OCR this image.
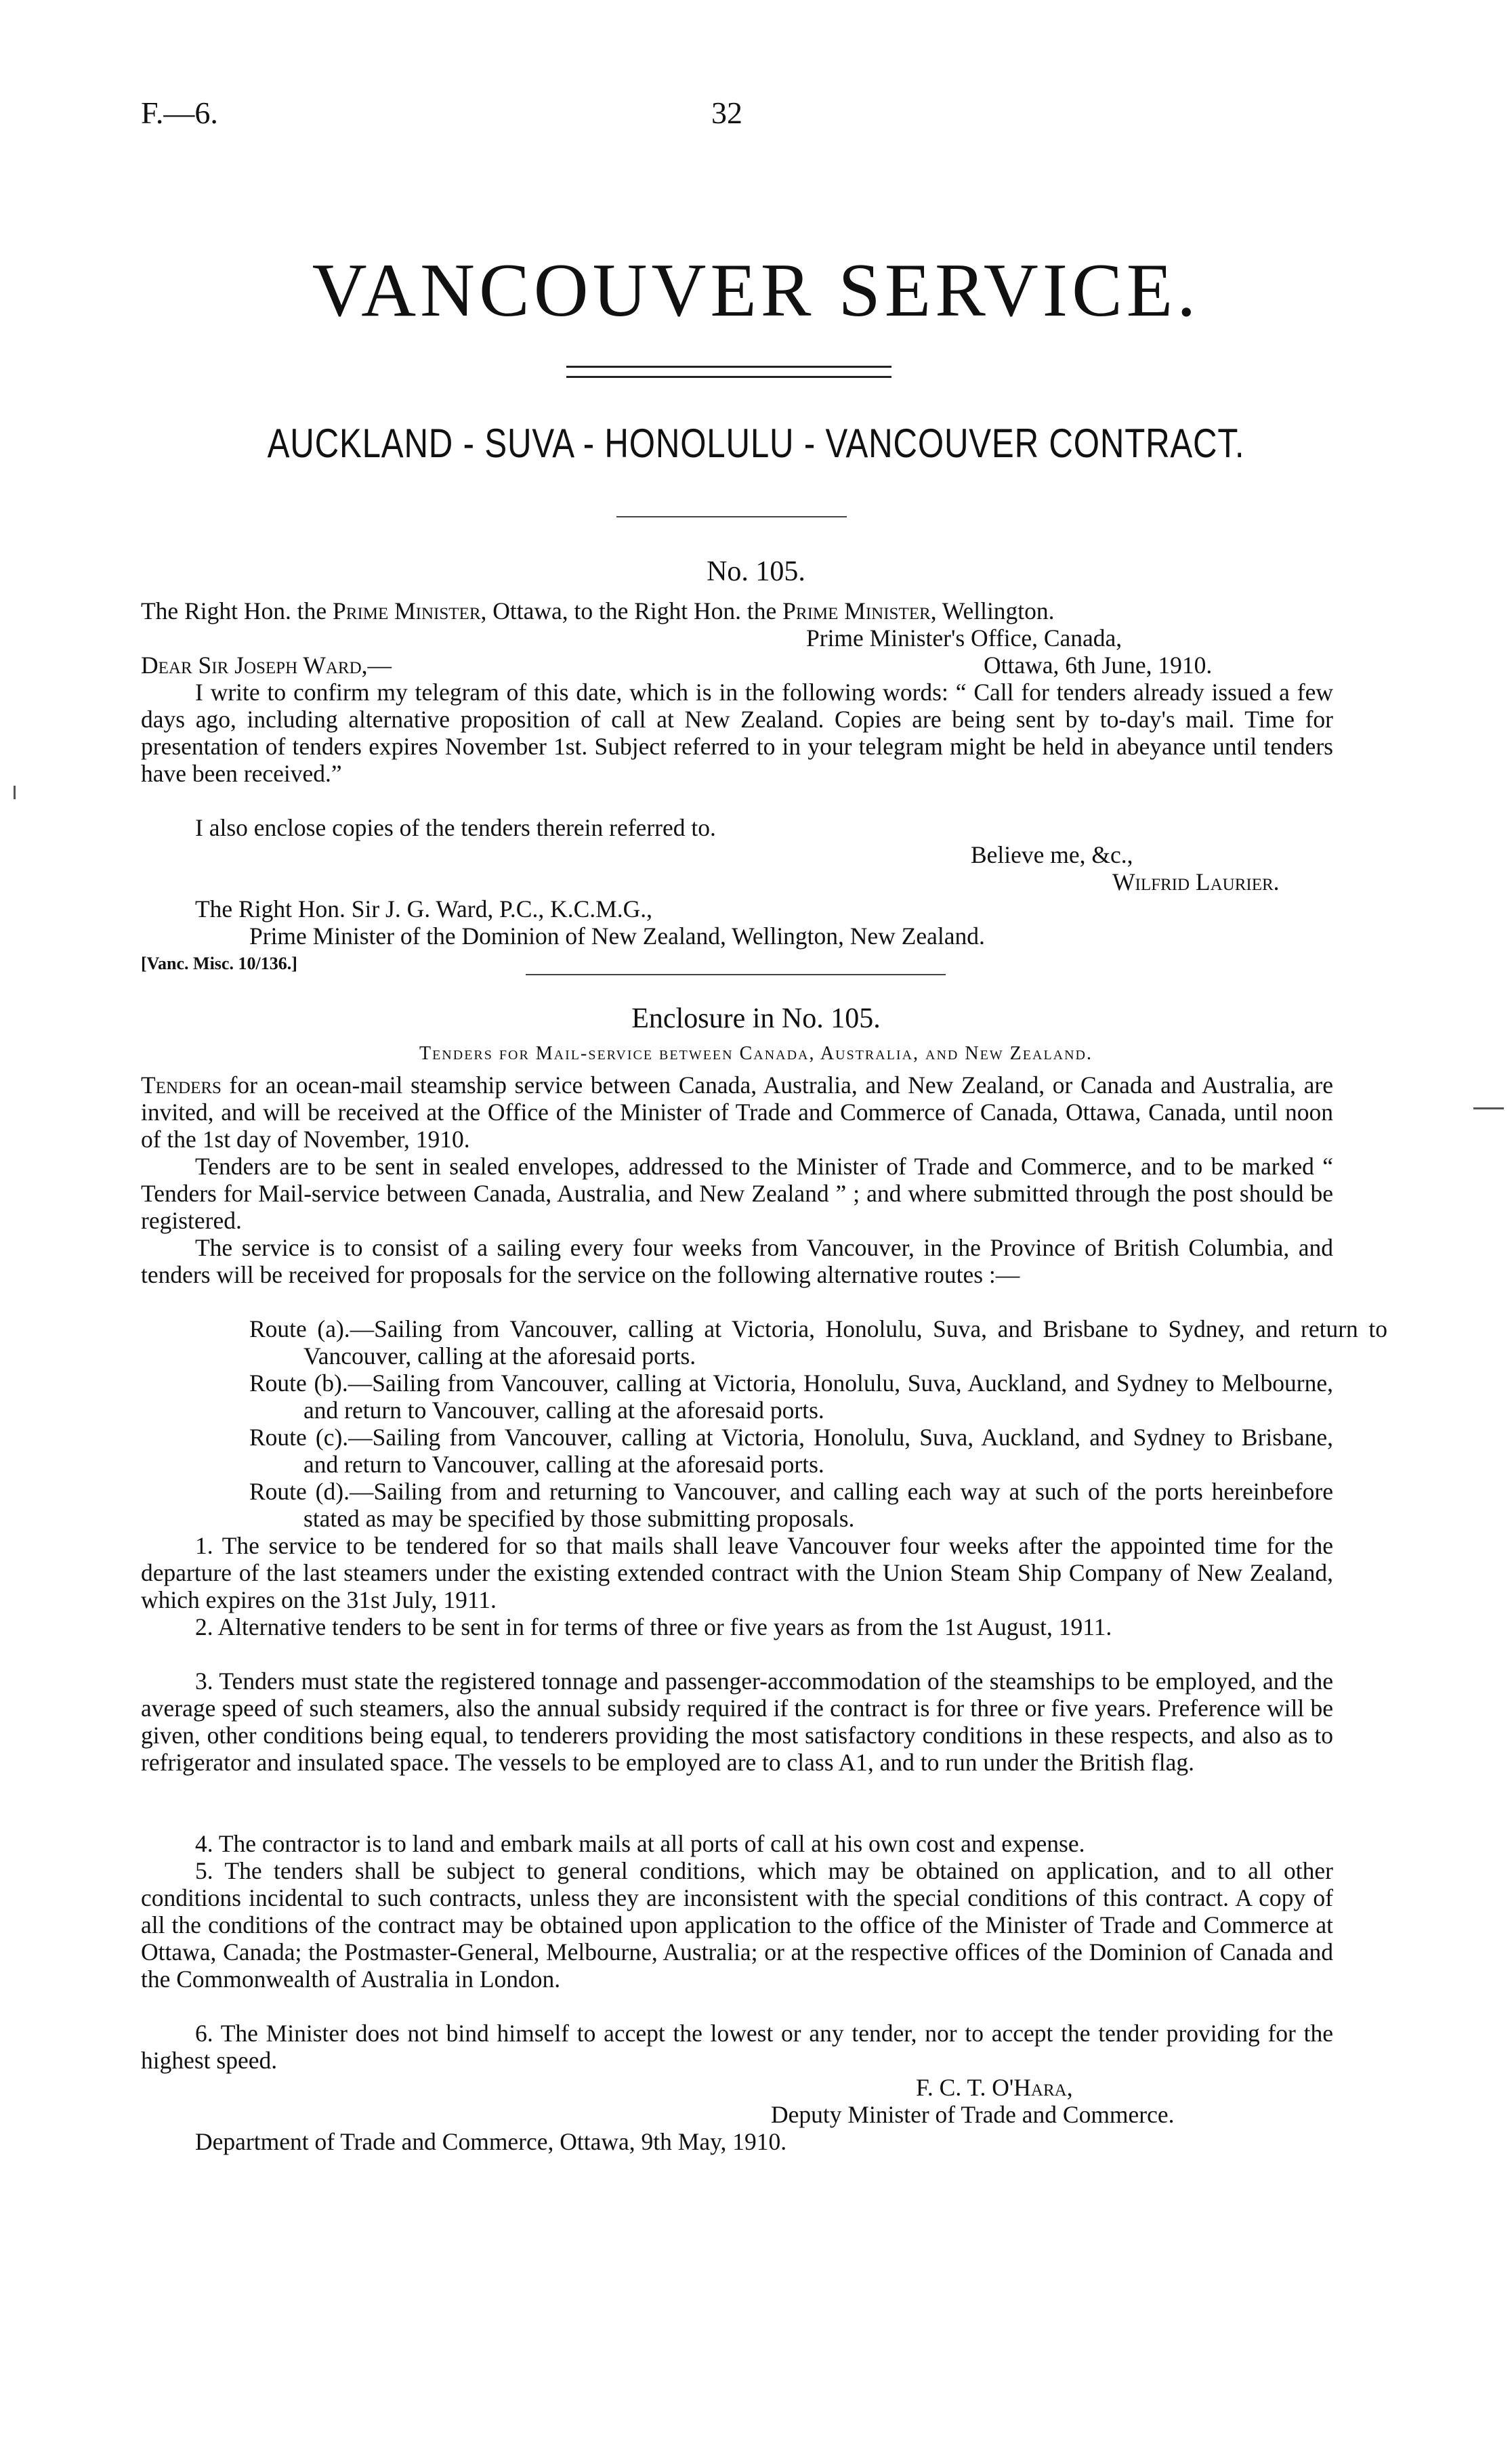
F.—6.	32
VANCOUVER SERVICE.
AUCKLAND - SUVA - HONOLULU - VANCOUVER CONTRACT.
No. 105.
The Right Hon. the Prime Minister, Ottawa, to the Right Hon. the Prime Minister, Wellington.
Prime Minister's Office, Canada,
Dear Sir Joseph Ward,—	Ottawa, 6th June, 1910.
I write to confirm my telegram of this date, which is in the following words: “ Call for tenders already issued a few days ago, including alternative proposition of call at New Zealand. Copies are being sent by to-day's mail. Time for presentation of tenders expires November 1st. Subject referred to in your telegram might be held in abeyance until tenders have been received.”
I also enclose copies of the tenders therein referred to.
Believe me, &c.,
Wilfrid Laurier.
The Right Hon. Sir J. G. Ward, P.C., K.C.M.G.,
Prime Minister of the Dominion of New Zealand, Wellington, New Zealand.
[Vanc. Misc. 10/136.]
Enclosure in No. 105.
Tenders for Mail-service between Canada, Australia, and New Zealand.
Tenders for an ocean-mail steamship service between Canada, Australia, and New Zealand, or Canada and Australia, are invited, and will be received at the Office of the Minister of Trade and Commerce of Canada, Ottawa, Canada, until noon of the 1st day of November, 1910.
Tenders are to be sent in sealed envelopes, addressed to the Minister of Trade and Commerce, and to be marked “ Tenders for Mail-service between Canada, Australia, and New Zealand ” ; and where submitted through the post should be registered.
The service is to consist of a sailing every four weeks from Vancouver, in the Province of British Columbia, and tenders will be received for proposals for the service on the following alternative routes :—
Route (a).—Sailing from Vancouver, calling at Victoria, Honolulu, Suva, and Brisbane to Sydney, and return to Vancouver, calling at the aforesaid ports.
Route (b).—Sailing from Vancouver, calling at Victoria, Honolulu, Suva, Auckland, and Sydney to Melbourne, and return to Vancouver, calling at the aforesaid ports.
Route (c).—Sailing from Vancouver, calling at Victoria, Honolulu, Suva, Auckland, and Sydney to Brisbane, and return to Vancouver, calling at the aforesaid ports.
Route (d).—Sailing from and returning to Vancouver, and calling each way at such of the ports hereinbefore stated as may be specified by those submitting proposals.
1. The service to be tendered for so that mails shall leave Vancouver four weeks after the appointed time for the departure of the last steamers under the existing extended contract with the Union Steam Ship Company of New Zealand, which expires on the 31st July, 1911.
2. Alternative tenders to be sent in for terms of three or five years as from the 1st August, 1911.
3. Tenders must state the registered tonnage and passenger-accommodation of the steamships to be employed, and the average speed of such steamers, also the annual subsidy required if the contract is for three or five years. Preference will be given, other conditions being equal, to tenderers providing the most satisfactory conditions in these respects, and also as to refrigerator and insulated space. The vessels to be employed are to class A1, and to run under the British flag.
4. The contractor is to land and embark mails at all ports of call at his own cost and expense.
5. The tenders shall be subject to general conditions, which may be obtained on application, and to all other conditions incidental to such contracts, unless they are inconsistent with the special conditions of this contract. A copy of all the conditions of the contract may be obtained upon application to the office of the Minister of Trade and Commerce at Ottawa, Canada; the Postmaster-General, Melbourne, Australia; or at the respective offices of the Dominion of Canada and the Commonwealth of Australia in London.
6. The Minister does not bind himself to accept the lowest or any tender, nor to accept the tender providing for the highest speed.
F. C. T. O'Hara,
Deputy Minister of Trade and Commerce.
Department of Trade and Commerce, Ottawa, 9th May, 1910.
